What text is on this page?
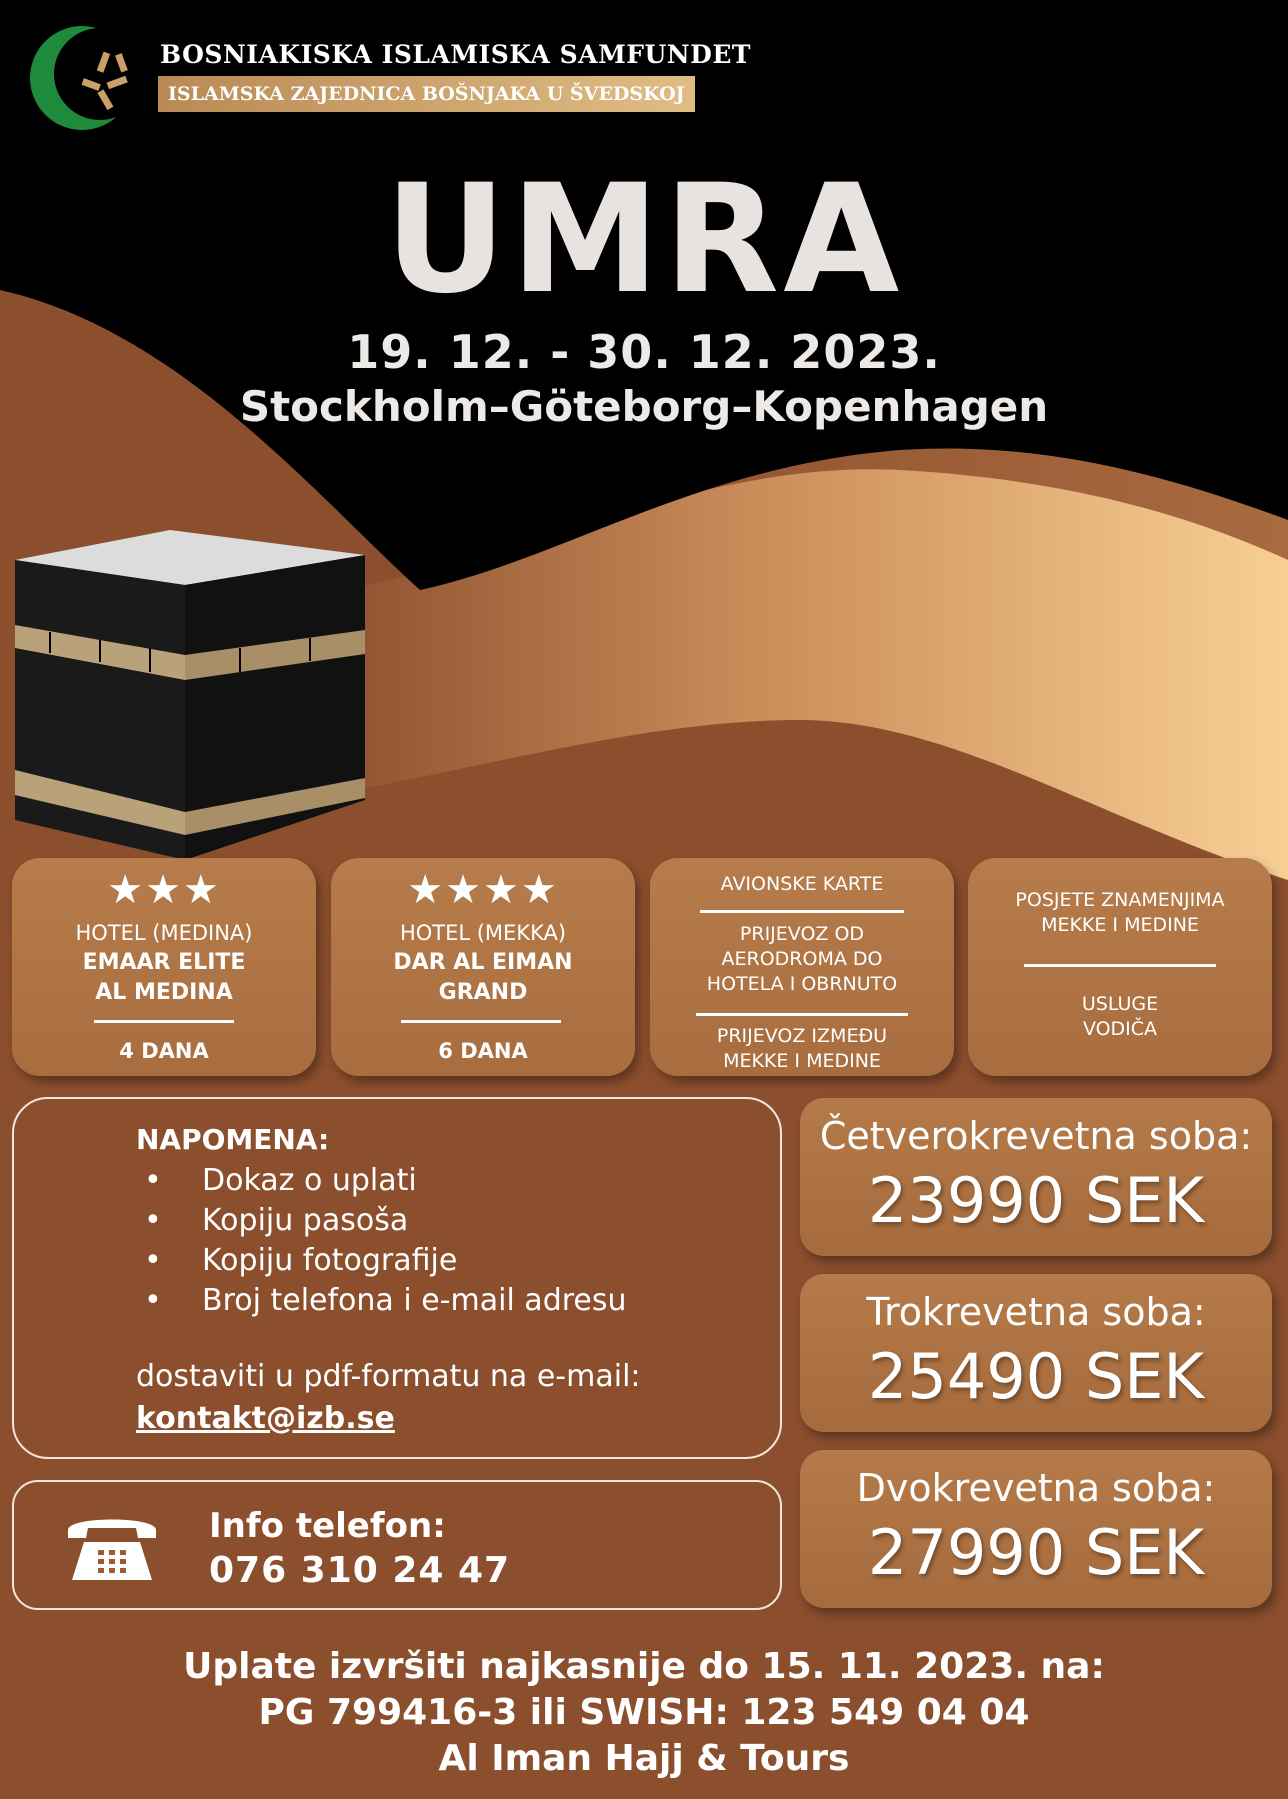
BOSNIAKISKA ISLAMISKA SAMFUNDET
ISLAMSKA ZAJEDNICA BOŠNJAKA U ŠVEDSKOJ
UMRA
19. 12. - 30. 12. 2023.
Stockholm–Göteborg–Kopenhagen
★★★
HOTEL (MEDINA)
EMAAR ELITE
AL MEDINA
4 DANA
★★★★
HOTEL (MEKKA)
DAR AL EIMAN
GRAND
6 DANA
AVIONSKE KARTE
PRIJEVOZ OD
AERODROMA DO
HOTELA I OBRNUTO
PRIJEVOZ IZMEĐU
MEKKE I MEDINE
POSJETE ZNAMENJIMA
MEKKE I MEDINE
USLUGE
VODIČA
NAPOMENA:
• Dokaz o uplati
• Kopiju pasoša
• Kopiju fotografije
• Broj telefona i e-mail adresu
dostaviti u pdf-formatu na e-mail:
kontakt@izb.se
Info telefon:
076 310 24 47
Četverokrevetna soba:
23990 SEK
Trokrevetna soba:
25490 SEK
Dvokrevetna soba:
27990 SEK
Uplate izvršiti najkasnije do 15. 11. 2023. na:
PG 799416-3 ili SWISH: 123 549 04 04
Al Iman Hajj & Tours
